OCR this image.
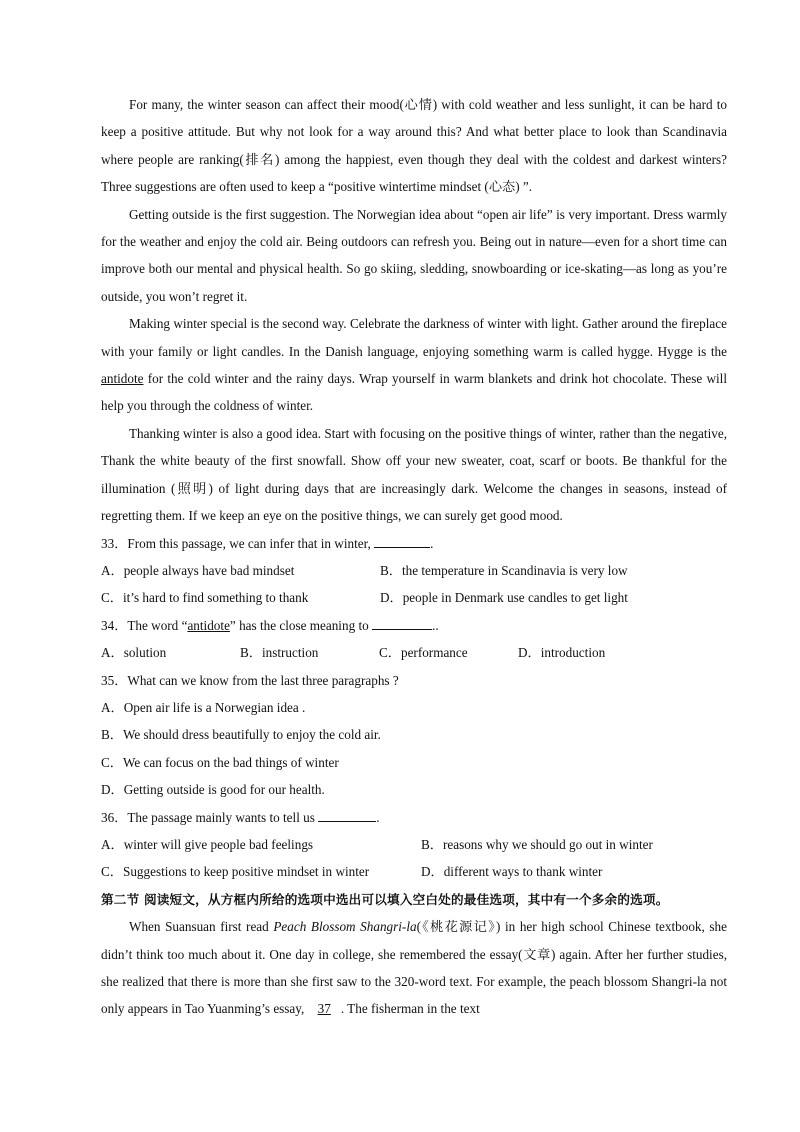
For many, the winter season can affect their mood(心情) with cold weather and less sunlight, it can be hard to keep a positive attitude. But why not look for a way around this? And what better place to look than Scandinavia where people are ranking(排名) among the happiest, even though they deal with the coldest and darkest winters? Three suggestions are often used to keep a “positive wintertime mindset (心态) ”.

Getting outside is the first suggestion. The Norwegian idea about “open air life” is very important. Dress warmly for the weather and enjoy the cold air. Being outdoors can refresh you. Being out in nature—even for a short time can improve both our mental and physical health. So go skiing, sledding, snowboarding or ice-skating—as long as you’re outside, you won’t regret it.

Making winter special is the second way. Celebrate the darkness of winter with light. Gather around the fireplace with your family or light candles. In the Danish language, enjoying something warm is called hygge. Hygge is the antidote for the cold winter and the rainy days. Wrap yourself in warm blankets and drink hot chocolate. These will help you through the coldness of winter.

Thanking winter is also a good idea. Start with focusing on the positive things of winter, rather than the negative, Thank the white beauty of the first snowfall. Show off your new sweater, coat, scarf or boots. Be thankful for the illumination (照明) of light during days that are increasingly dark. Welcome the changes in seasons, instead of regretting them. If we keep an eye on the positive things, we can surely get good mood.

33．From this passage, we can infer that in winter,	.

A．people always have bad mindset	B．the temperature in Scandinavia is very low
C．it’s hard to find something to thank	D．people in Denmark use candles to get light

34．The word “antidote” has the close meaning to	..

A．solution	B．instruction	C．performance	D．introduction

35．What can we know from the last three paragraphs ?

A．Open air life is a Norwegian idea .

B．We should dress beautifully to enjoy the cold air.

C．We can focus on the bad things of winter

D．Getting outside is good for our health.

36．The passage mainly wants to tell us	.

A．winter will give people bad feelings	B．reasons why we should go out in winter
C．Suggestions to keep positive mindset in winter	D．different ways to thank winter

第二节 阅读短文，从方框内所给的选项中选出可以填入空白处的最佳选项，其中有一个多余的选项。

When Suansuan first read Peach Blossom Shangri-la(《桃花源记》) in her high school Chinese textbook, she didn’t think too much about it. One day in college, she remembered the essay(文章) again. After her further studies, she realized that there is more than she first saw to the 320-word text. For example, the peach blossom Shangri-la not only appears in Tao Yuanming’s essay, 37 . The fisherman in the text
